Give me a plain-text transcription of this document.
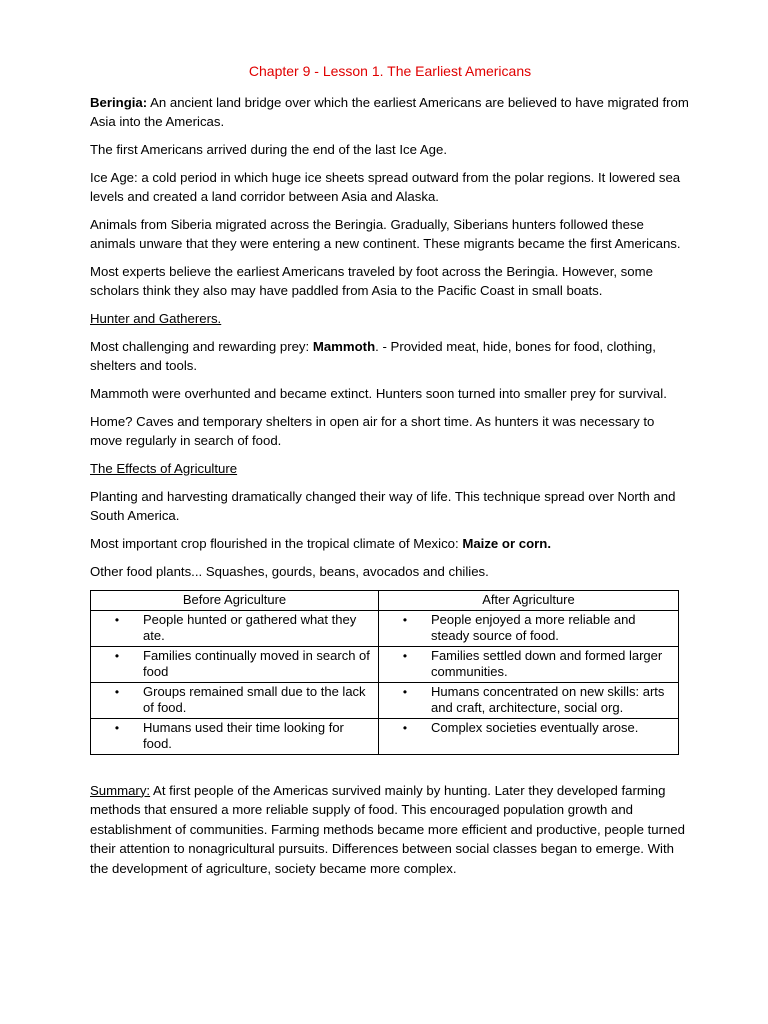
Chapter 9 - Lesson 1. The Earliest Americans

Beringia: An ancient land bridge over which the earliest Americans are believed to have migrated from Asia into the Americas.

The first Americans arrived during the end of the last Ice Age.

Ice Age: a cold period in which huge ice sheets spread outward from the polar regions. It lowered sea levels and created a land corridor between Asia and Alaska.

Animals from Siberia migrated across the Beringia. Gradually, Siberians hunters followed these animals unware that they were entering a new continent. These migrants became the first Americans.

Most experts believe the earliest Americans traveled by foot across the Beringia. However, some scholars think they also may have paddled from Asia to the Pacific Coast in small boats.

Hunter and Gatherers.

Most challenging and rewarding prey: Mammoth. - Provided meat, hide, bones for food, clothing, shelters and tools.

Mammoth were overhunted and became extinct. Hunters soon turned into smaller prey for survival.

Home? Caves and temporary shelters in open air for a short time. As hunters it was necessary to move regularly in search of food.

The Effects of Agriculture

Planting and harvesting dramatically changed their way of life. This technique spread over North and South America.

Most important crop flourished in the tropical climate of Mexico: Maize or corn.

Other food plants... Squashes, gourds, beans, avocados and chilies.

Before Agriculture	After Agriculture

• People hunted or gathered what they ate.	• People enjoyed a more reliable and steady source of food.

• Families continually moved in search of food	• Families settled down and formed larger communities.

• Groups remained small due to the lack of food.	• Humans concentrated on new skills: arts and craft, architecture, social org.

• Humans used their time looking for food.	• Complex societies eventually arose.

Summary: At first people of the Americas survived mainly by hunting. Later they developed farming methods that ensured a more reliable supply of food. This encouraged population growth and establishment of communities. Farming methods became more efficient and productive, people turned their attention to nonagricultural pursuits. Differences between social classes began to emerge. With the development of agriculture, society became more complex.
